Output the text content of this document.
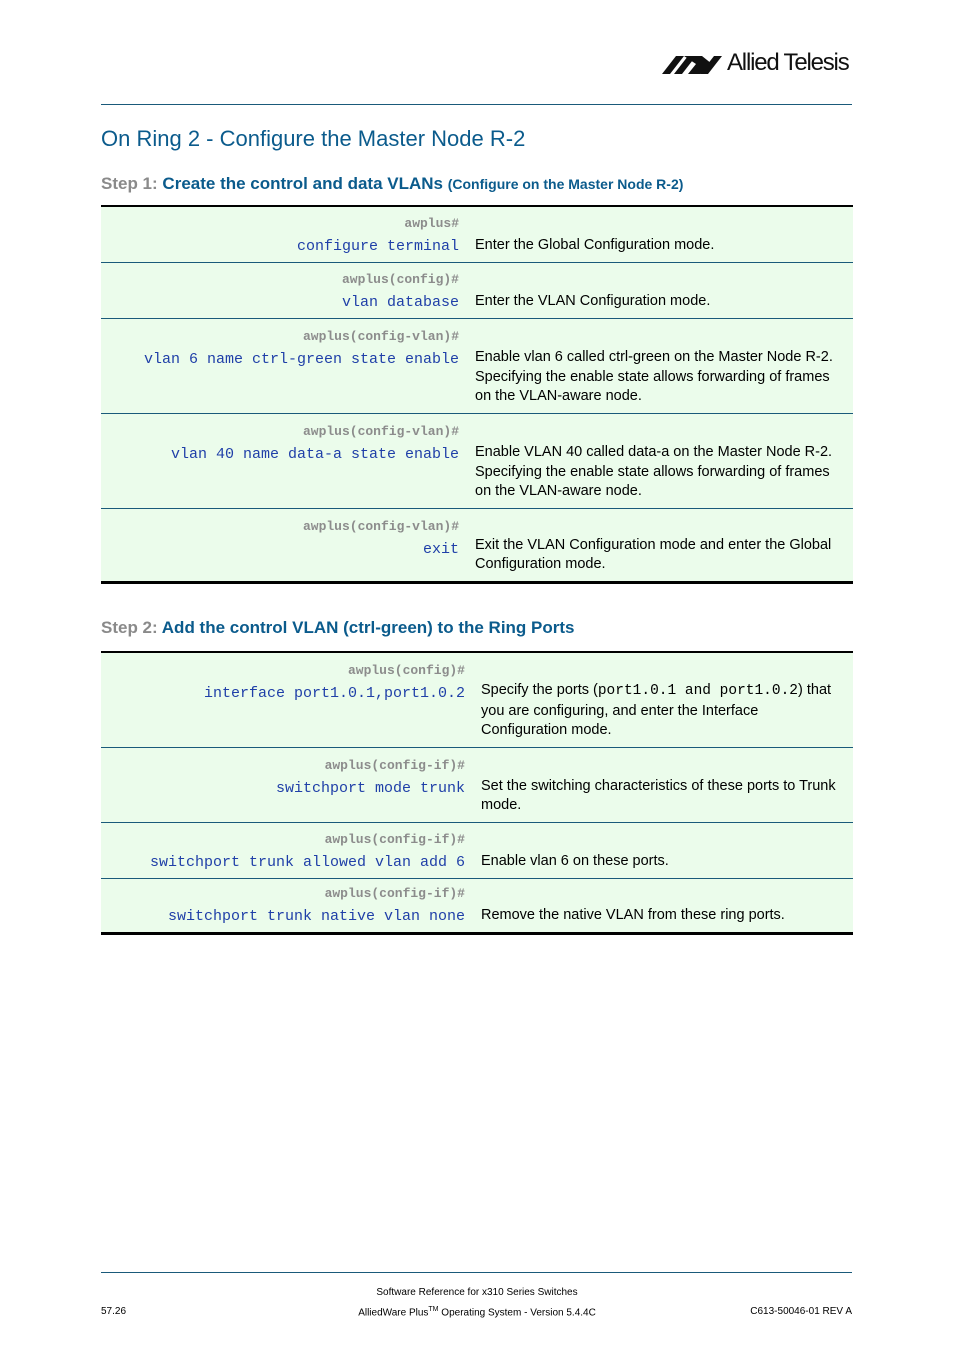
Allied Telesis
On Ring 2 - Configure the Master Node R-2
Step 1: Create the control and data VLANs (Configure on the Master Node R-2)
awplus#
configure terminal	Enter the Global Configuration mode.

awplus(config)#
vlan database	Enter the VLAN Configuration mode.

awplus(config-vlan)#
vlan 6 name ctrl-green state enable	Enable vlan 6 called ctrl-green on the Master Node R-2. Specifying the enable state allows forwarding of frames on the VLAN-aware node.

awplus(config-vlan)#
vlan 40 name data-a state enable	Enable VLAN 40 called data-a on the Master Node R-2. Specifying the enable state allows forwarding of frames on the VLAN-aware node.

awplus(config-vlan)#
exit	Exit the VLAN Configuration mode and enter the Global Configuration mode.
Step 2: Add the control VLAN (ctrl-green) to the Ring Ports
awplus(config)#
interface port1.0.1,port1.0.2	Specify the ports (port1.0.1 and port1.0.2) that you are configuring, and enter the Interface Configuration mode.

awplus(config-if)#
switchport mode trunk	Set the switching characteristics of these ports to Trunk mode.

awplus(config-if)#
switchport trunk allowed vlan add 6	Enable vlan 6 on these ports.

awplus(config-if)#
switchport trunk native vlan none	Remove the native VLAN from these ring ports.
57.26
Software Reference for x310 Series Switches
AlliedWare Plus™ Operating System - Version 5.4.4C	C613-50046-01 REV A
